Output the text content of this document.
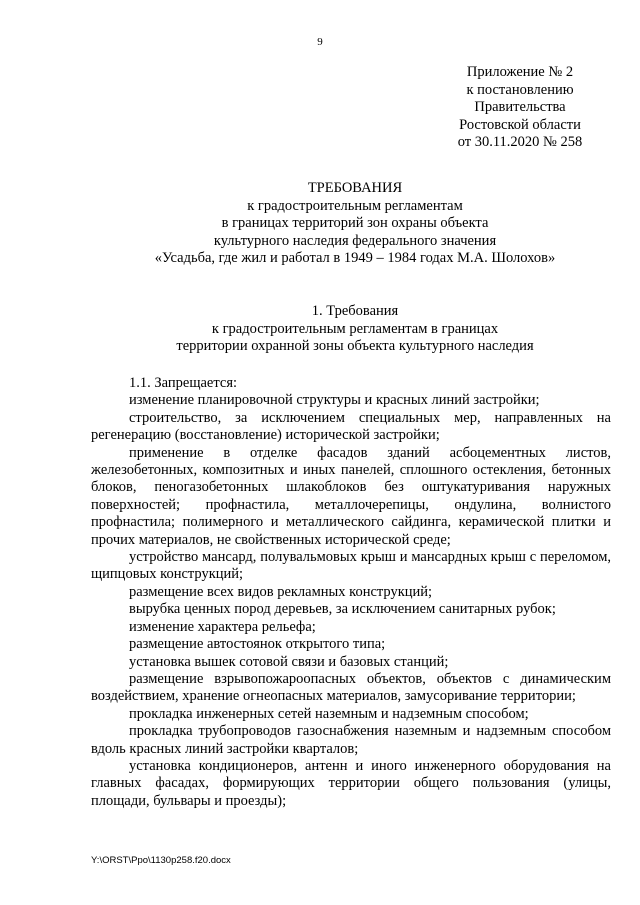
9
Приложение № 2
к постановлению
Правительства
Ростовской области
от 30.11.2020 № 258
ТРЕБОВАНИЯ
к градостроительным регламентам
в границах территорий зон охраны объекта
культурного наследия федерального значения
«Усадьба, где жил и работал в 1949 – 1984 годах М.А. Шолохов»
1. Требования
к градостроительным регламентам в границах
территории охранной зоны объекта культурного наследия
1.1. Запрещается:
изменение планировочной структуры и красных линий застройки;
строительство, за исключением специальных мер, направленных на регенерацию (восстановление) исторической застройки;
применение в отделке фасадов зданий асбоцементных листов, железобетонных, композитных и иных панелей, сплошного остекления, бетонных блоков, пеногазобетонных шлакоблоков без оштукатуривания наружных поверхностей; профнастила, металлочерепицы, ондулина, волнистого профнастила; полимерного и металлического сайдинга, керамической плитки и прочих материалов, не свойственных исторической среде;
устройство мансард, полувальмовых крыш и мансардных крыш с переломом, щипцовых конструкций;
размещение всех видов рекламных конструкций;
вырубка ценных пород деревьев, за исключением санитарных рубок;
изменение характера рельефа;
размещение автостоянок открытого типа;
установка вышек сотовой связи и базовых станций;
размещение взрывопожароопасных объектов, объектов с динамическим воздействием, хранение огнеопасных материалов, замусоривание территории;
прокладка инженерных сетей наземным и надземным способом;
прокладка трубопроводов газоснабжения наземным и надземным способом вдоль красных линий застройки кварталов;
установка кондиционеров, антенн и иного инженерного оборудования на главных фасадах, формирующих территории общего пользования (улицы, площади, бульвары и проезды);
Y:\ORST\Ppo\1130p258.f20.docx
